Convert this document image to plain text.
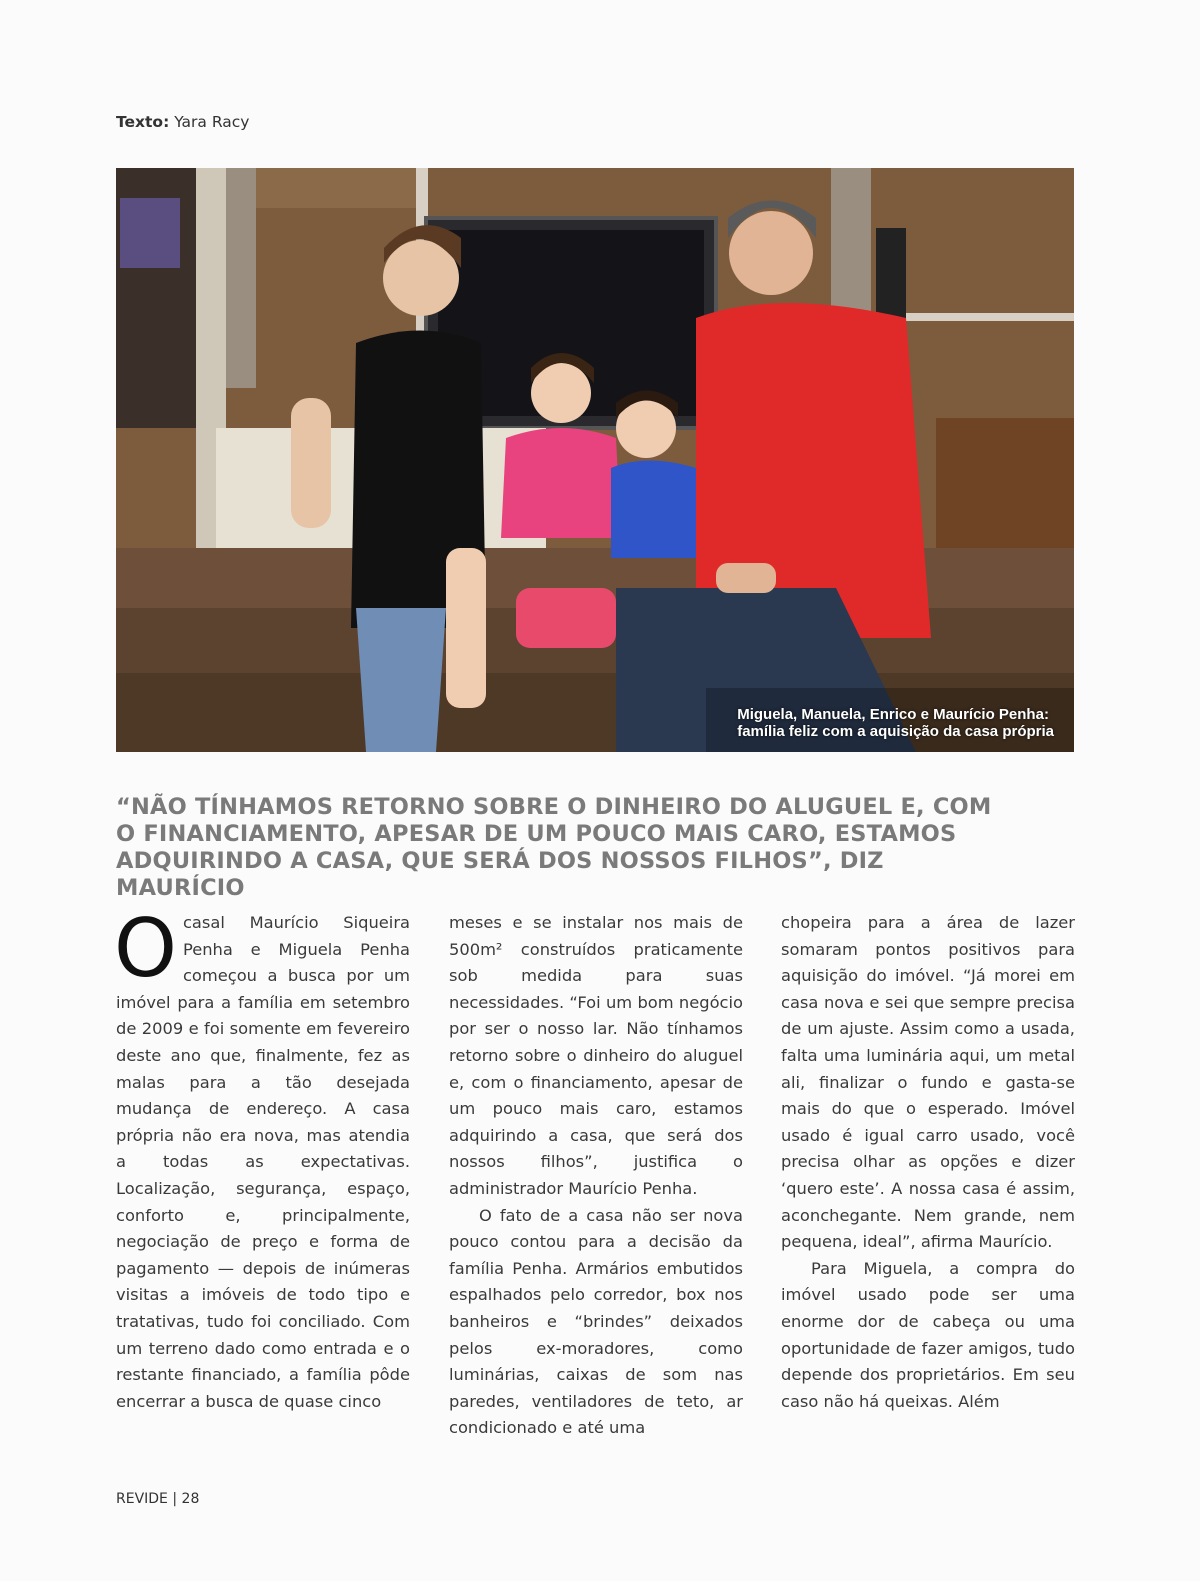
Texto: Yara Racy
Miguela, Manuela, Enrico e Maurício Penha:
família feliz com a aquisição da casa própria
“NÃO TÍNHAMOS RETORNO SOBRE O DINHEIRO DO ALUGUEL E, COM O FINANCIAMENTO, APESAR DE UM POUCO MAIS CARO, ESTAMOS ADQUIRINDO A CASA, QUE SERÁ DOS NOSSOS FILHOS”, DIZ MAURÍCIO

O casal Maurício Siqueira Penha e Miguela Penha começou a busca por um imóvel para a família em setembro de 2009 e foi somente em fevereiro deste ano que, finalmente, fez as malas para a tão desejada mudança de endereço. A casa própria não era nova, mas atendia a todas as expectativas. Localização, segurança, espaço, conforto e, principalmente, negociação de preço e forma de pagamento — depois de inúmeras visitas a imóveis de todo tipo e tratativas, tudo foi conciliado. Com um terreno dado como entrada e o restante financiado, a família pôde encerrar a busca de quase cinco

meses e se instalar nos mais de 500m² construídos praticamente sob medida para suas necessidades. “Foi um bom negócio por ser o nosso lar. Não tínhamos retorno sobre o dinheiro do aluguel e, com o financiamento, apesar de um pouco mais caro, estamos adquirindo a casa, que será dos nossos filhos”, justifica o administrador Maurício Penha.

O fato de a casa não ser nova pouco contou para a decisão da família Penha. Armários embutidos espalhados pelo corredor, box nos banheiros e “brindes” deixados pelos ex-moradores, como luminárias, caixas de som nas paredes, ventiladores de teto, ar condicionado e até uma

chopeira para a área de lazer somaram pontos positivos para aquisição do imóvel. “Já morei em casa nova e sei que sempre precisa de um ajuste. Assim como a usada, falta uma luminária aqui, um metal ali, finalizar o fundo e gasta-se mais do que o esperado. Imóvel usado é igual carro usado, você precisa olhar as opções e dizer ‘quero este’. A nossa casa é assim, aconchegante. Nem grande, nem pequena, ideal”, afirma Maurício.

Para Miguela, a compra do imóvel usado pode ser uma enorme dor de cabeça ou uma oportunidade de fazer amigos, tudo depende dos proprietários. Em seu caso não há queixas. Além

REVIDE | 28
